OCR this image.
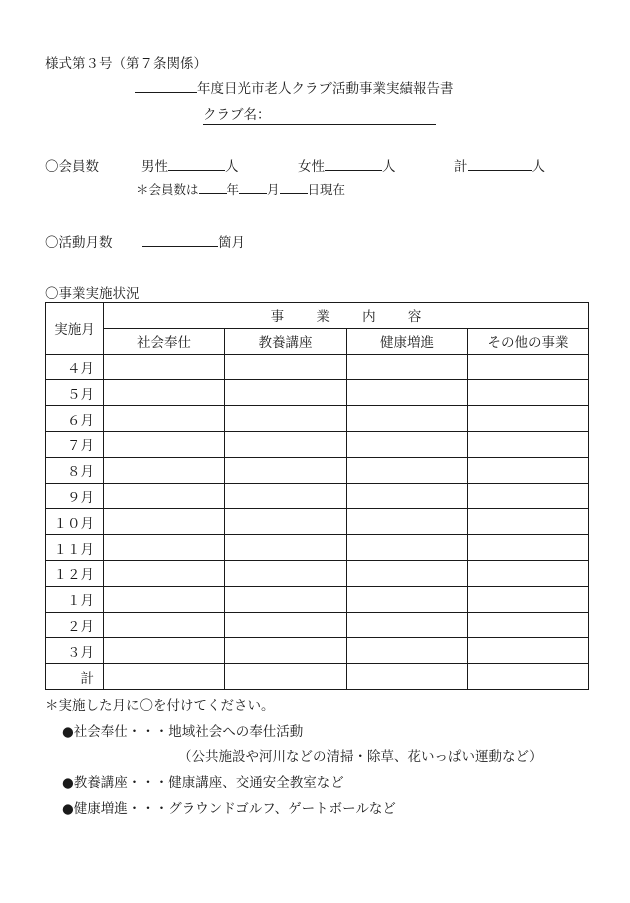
様式第３号（第７条関係）
年度日光市老人クラブ活動事業実績報告書
クラブ名：
〇会員数	男性	人	女性	人	計	人
＊会員数は 年 月 日現在
〇活動月数	箇月
〇事業実施状況
実施月	事 業 内 容			
	社会奉仕	教養講座	健康増進	その他の事業
４月				
５月				
６月				
７月				
８月				
９月				
１０月				
１１月				
１２月				
１月				
２月				
３月				
計				
＊実施した月に〇を付けてください。
●社会奉仕・・・地域社会への奉仕活動
（公共施設や河川などの清掃・除草、花いっぱい運動など）
●教養講座・・・健康講座、交通安全教室など
●健康増進・・・グラウンドゴルフ、ゲートボールなど
